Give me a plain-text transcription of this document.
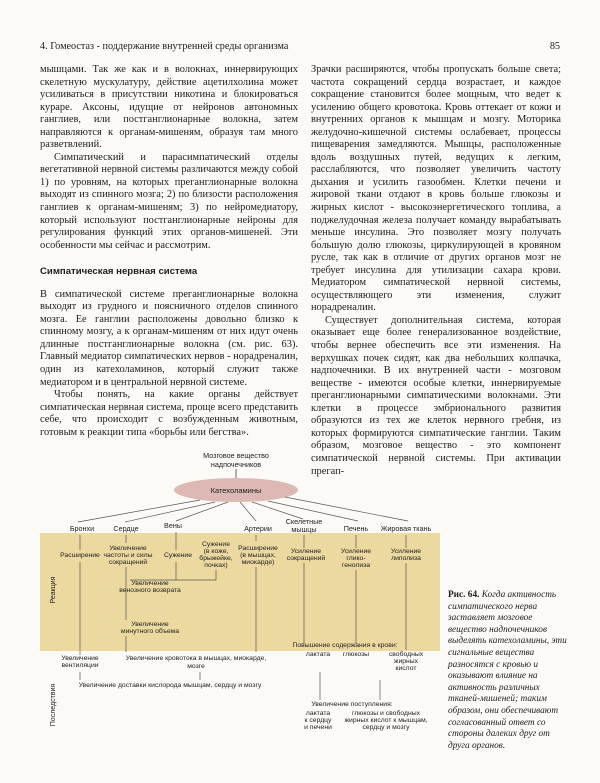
4. Гомеостаз - поддержание внутренней среды организма	85

мышцами. Так же как и в волокнах, иннервирующих скелетную мускулатуру, действие ацетилхолина может усиливаться в присутствии никотина и блокироваться кураре. Аксоны, идущие от нейронов автономных ганглиев, или постганглионарные волокна, затем направляются к органам-мишеням, образуя там много разветвлений.

Симпатический и парасимпатический отделы вегетативной нервной системы различаются между собой 1) по уровням, на которых преганглионарные волокна выходят из спинного мозга; 2) по близости расположения ганглиев к органам-мишеням; 3) по нейромедиатору, который используют постганглионарные нейроны для регулирования функций этих органов-мишеней. Эти особенности мы сейчас и рассмотрим.

Симпатическая нервная система

В симпатической системе преганглионарные волокна выходят из грудного и поясничного отделов спинного мозга. Ее ганглии расположены довольно близко к спинному мозгу, а к органам-мишеням от них идут очень длинные постганглионарные волокна (см. рис. 63). Главный медиатор симпатических нервов - норадреналин, один из катехоламинов, который служит также медиатором и в центральной нервной системе.

Чтобы понять, на какие органы действует симпатическая нервная система, проще всего представить себе, что происходит с возбужденным животным, готовым к реакции типа «борьбы или бегства».

Зрачки расширяются, чтобы пропускать больше света; частота сокращений сердца возрастает, и каждое сокращение становится более мощным, что ведет к усилению общего кровотока. Кровь оттекает от кожи и внутренних органов к мышцам и мозгу. Моторика желудочно-кишечной системы ослабевает, процессы пищеварения замедляются. Мышцы, расположенные вдоль воздушных путей, ведущих к легким, расслабляются, что позволяет увеличить частоту дыхания и усилить газообмен. Клетки печени и жировой ткани отдают в кровь больше глюкозы и жирных кислот - высокоэнергетического топлива, а поджелудочная железа получает команду вырабатывать меньше инсулина. Это позволяет мозгу получать бо́льшую долю глюкозы, циркулирующей в кровяном русле, так как в отличие от других органов мозг не требует инсулина для утилизации сахара крови. Медиатором симпатической нервной системы, осуществляющего эти изменения, служит норадреналин.

Существует дополнительная система, которая оказывает еще более генерализованное воздействие, чтобы вернее обеспечить все эти изменения. На верхушках почек сидят, как два небольших колпачка, надпочечники. В их внутренней части - мозговом веществе - имеются особые клетки, иннервируемые преганглионарными симпатическими волокнами. Эти клетки в процессе эмбрионального развития образуются из тех же клеток нервного гребня, из которых формируются симпатические ганглии. Таким образом, мозговое вещество - это компонент симпатической нервной системы. При активации прегап-

Мозговое вещество
надпочечников
Катехоламины
Бронхи	Сердце	Вены	Артерии
Скелетные
мышцы	Печень Жировая ткань
Реакция
Последствия
Расширение
Увеличение
частоты и силы
сокращений
Сужение
Сужение
(в коже,
брыжейке,
почках)
Расширение
(в мышцах,
миокарде)
Усиление
сокращений
Усиление
глико-
генолиза
Усиление
липолиза
Увеличение
венозного возврата
Увеличение
минутного объема
Увеличение
вентиляции
Увеличение кровотока в мышцах, миокарде,
мозге
Повышение содержания в крови:
лактата глюкозы	свободных
жирных
кислот
Увеличение доставки кислорода мышцам, сердцу и мозгу
Увеличение поступления:
лактата
к сердцу
и печени
глюкозы и свободных
жирных кислот к мышцам,
сердцу и мозгу
Рис. 64. Когда активность симпатического нерва заставляет мозговое вещество надпочечников выделять катехоламины, эти сигнальные вещества разносятся с кровью и оказывают влияние на активность различных тканей-мишеней; таким образом, они обеспечивают согласованный ответ со стороны далеких друг от друга органов.
